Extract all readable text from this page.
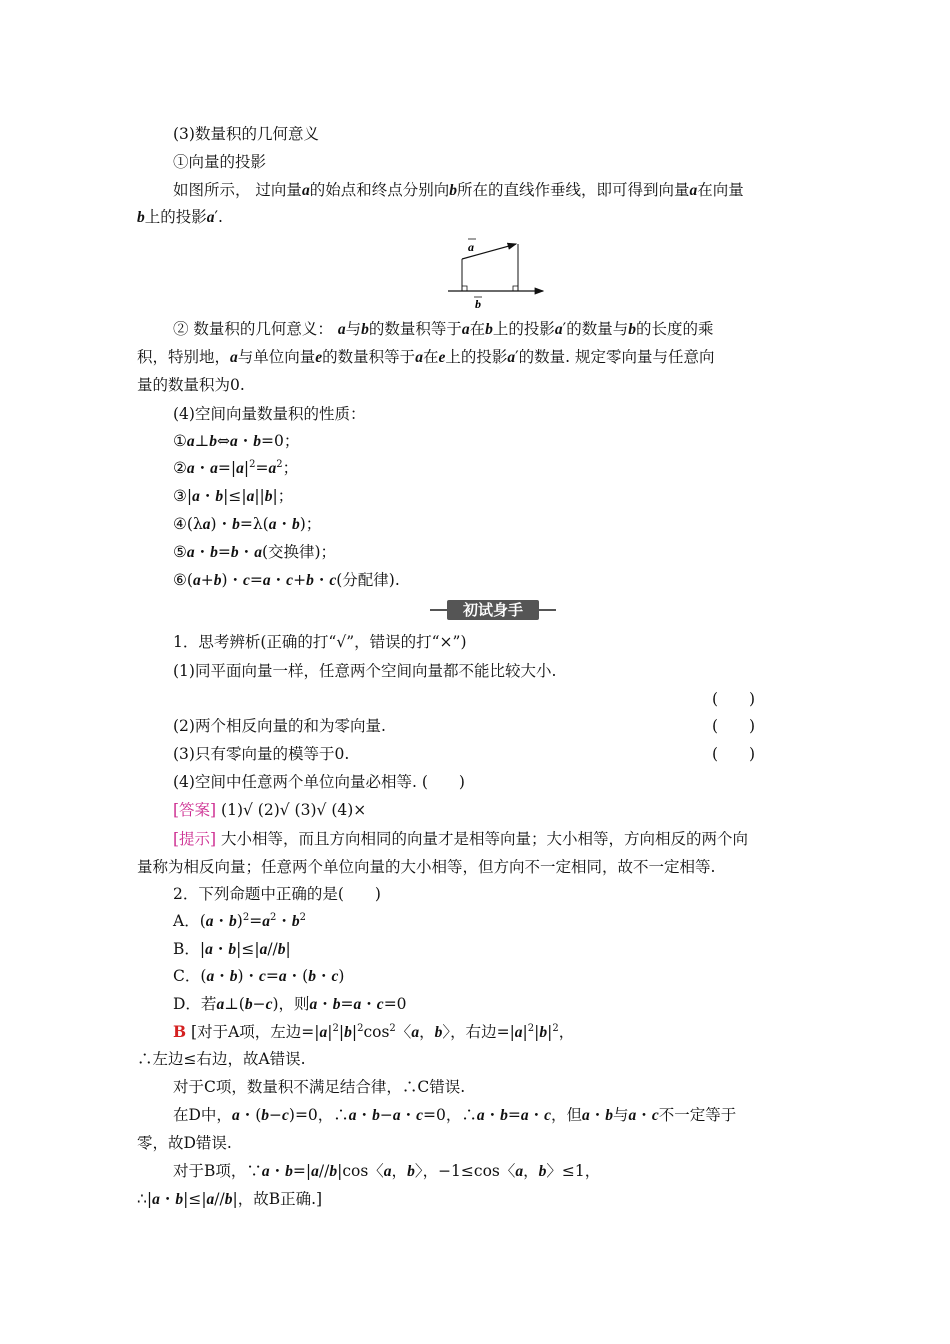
(3)数量积的几何意义
①向量的投影
如图所示， 过向量a的始点和终点分别向b所在的直线作垂线，即可得到向量a在向量
b上的投影a′.
a
b
② 数量积的几何意义： a与b的数量积等于a在b上的投影a′的数量与b的长度的乘
积，特别地，a与单位向量e的数量积等于a在e上的投影a′的数量. 规定零向量与任意向
量的数量积为0.
(4)空间向量数量积的性质：
①a⊥b⇔a・b=0；
②a・$a=|a|^2=a^2$；
③|a・b|≤|a||b|；
④(λa)・b=λ(a・b)；
⑤a・b=b・a(交换律)；
⑥(a+b)・c=a・c+b・c(分配律).
初试身手
1．思考辨析(正确的打“√”，错误的打“×”)
(1)同平面向量一样，任意两个空间向量都不能比较大小.
(　　)
(2)两个相反向量的和为零向量.	(　　)
(3)只有零向量的模等于0.	(　　)
(4)空间中任意两个单位向量必相等. (　　)
[答案] (1)√ (2)√ (3)√ (4)×
[提示] 大小相等，而且方向相同的向量才是相等向量；大小相等，方向相反的两个向
量称为相反向量；任意两个单位向量的大小相等，但方向不一定相同，故不一定相等.
2．下列命题中正确的是(　　)
A．(a・$b)^2=a^2$・$b^2$
B．|a・b|≤|a//b|
C．(a・b)・c=a・(b・c)
D．若a⊥(b−c)，则a・b=a・c=0
B [对于A项，左边$=|a|^2|b|^2\cos^2$〈a，b〉，右边$=|a|^2|b|^2$，
∴左边≤右边，故A错误.
对于C项，数量积不满足结合律，∴C错误.
在D中，a・(b−c)=0，∴a・b−a・c=0，∴a・b=a・c，但a・b与a・c不一定等于
零，故D错误.
对于B项，∵a・b=|a//b|cos〈a，b〉，−1≤cos〈a，b〉≤1，
∴|a・b|≤|a//b|，故B正确.]
